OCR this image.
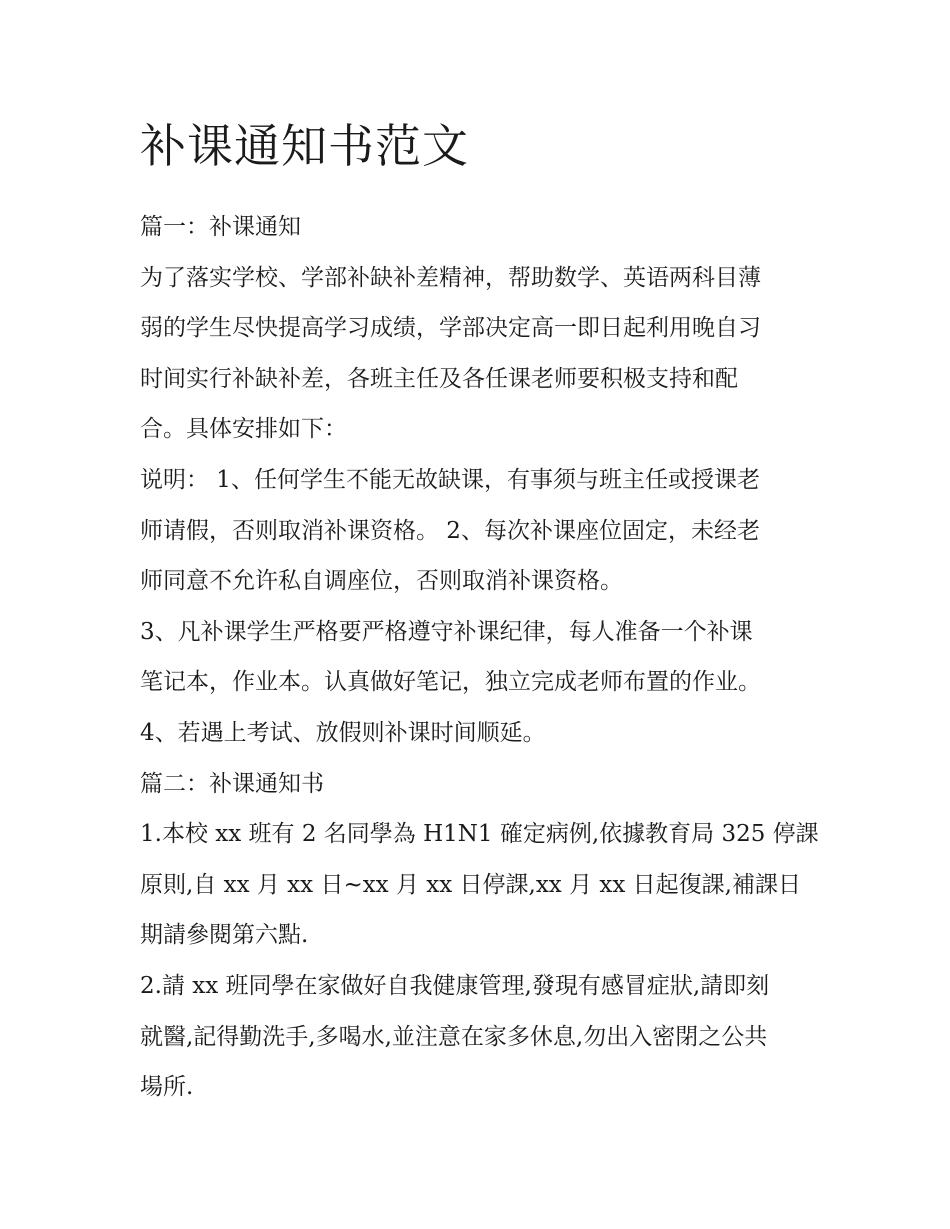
补课通知书范文
篇一：补课通知
为了落实学校、学部补缺补差精神，帮助数学、英语两科目薄
弱的学生尽快提高学习成绩，学部决定高一即日起利用晚自习
时间实行补缺补差，各班主任及各任课老师要积极支持和配
合。具体安排如下：
说明： 1、任何学生不能无故缺课，有事须与班主任或授课老
师请假，否则取消补课资格。 2、每次补课座位固定，未经老
师同意不允许私自调座位，否则取消补课资格。
3、凡补课学生严格要严格遵守补课纪律，每人准备一个补课
笔记本，作业本。认真做好笔记，独立完成老师布置的作业。
4、若遇上考试、放假则补课时间顺延。
篇二：补课通知书
1.本校 xx 班有 2 名同學為 H1N1 確定病例,依據教育局 325 停課
原則,自 xx 月 xx 日~xx 月 xx 日停課,xx 月 xx 日起復課,補課日
期請參閱第六點.
2.請 xx 班同學在家做好自我健康管理,發現有感冒症狀,請即刻
就醫,記得勤洗手,多喝水,並注意在家多休息,勿出入密閉之公共
場所.
